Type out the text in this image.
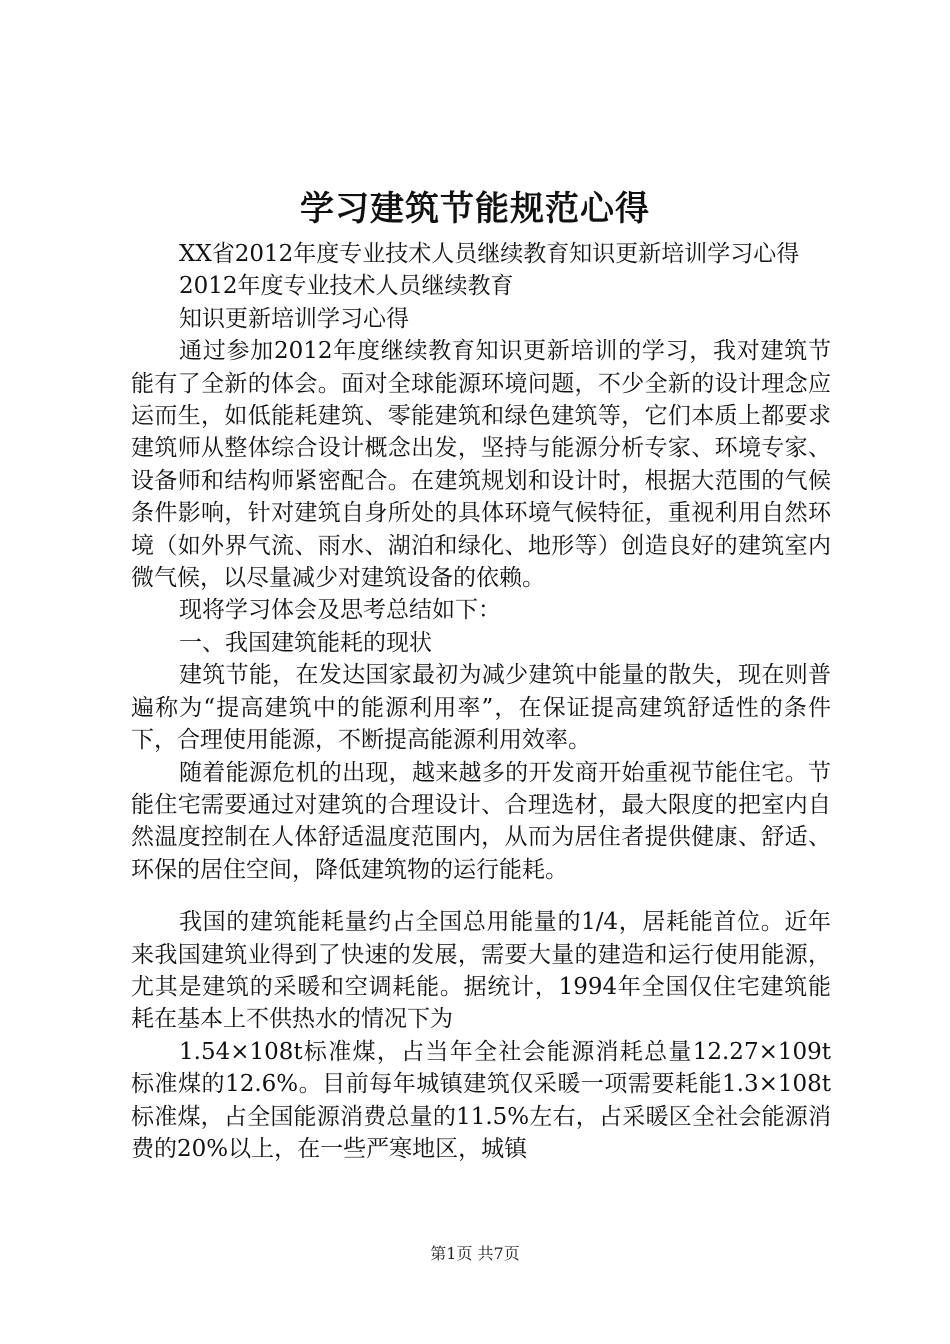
学习建筑节能规范心得

XX省2012年度专业技术人员继续教育知识更新培训学习心得

2012年度专业技术人员继续教育

知识更新培训学习心得

通过参加2012年度继续教育知识更新培训的学习，我对建筑节能有了全新的体会。面对全球能源环境问题，不少全新的设计理念应运而生，如低能耗建筑、零能建筑和绿色建筑等，它们本质上都要求建筑师从整体综合设计概念出发，坚持与能源分析专家、环境专家、设备师和结构师紧密配合。在建筑规划和设计时，根据大范围的气候条件影响，针对建筑自身所处的具体环境气候特征，重视利用自然环境（如外界气流、雨水、湖泊和绿化、地形等）创造良好的建筑室内微气候，以尽量减少对建筑设备的依赖。

现将学习体会及思考总结如下：

一、我国建筑能耗的现状

建筑节能，在发达国家最初为减少建筑中能量的散失，现在则普遍称为“提高建筑中的能源利用率”，在保证提高建筑舒适性的条件下，合理使用能源，不断提高能源利用效率。

随着能源危机的出现，越来越多的开发商开始重视节能住宅。节能住宅需要通过对建筑的合理设计、合理选材，最大限度的把室内自然温度控制在人体舒适温度范围内，从而为居住者提供健康、舒适、环保的居住空间，降低建筑物的运行能耗。

我国的建筑能耗量约占全国总用能量的1/4，居耗能首位。近年来我国建筑业得到了快速的发展，需要大量的建造和运行使用能源，尤其是建筑的采暖和空调耗能。据统计，1994年全国仅住宅建筑能耗在基本上不供热水的情况下为

1.54×108t标准煤，占当年全社会能源消耗总量12.27×109t标准煤的12.6%。目前每年城镇建筑仅采暖一项需要耗能1.3×108t标准煤，占全国能源消费总量的11.5%左右，占采暖区全社会能源消费的20%以上，在一些严寒地区，城镇

第1页 共7页
